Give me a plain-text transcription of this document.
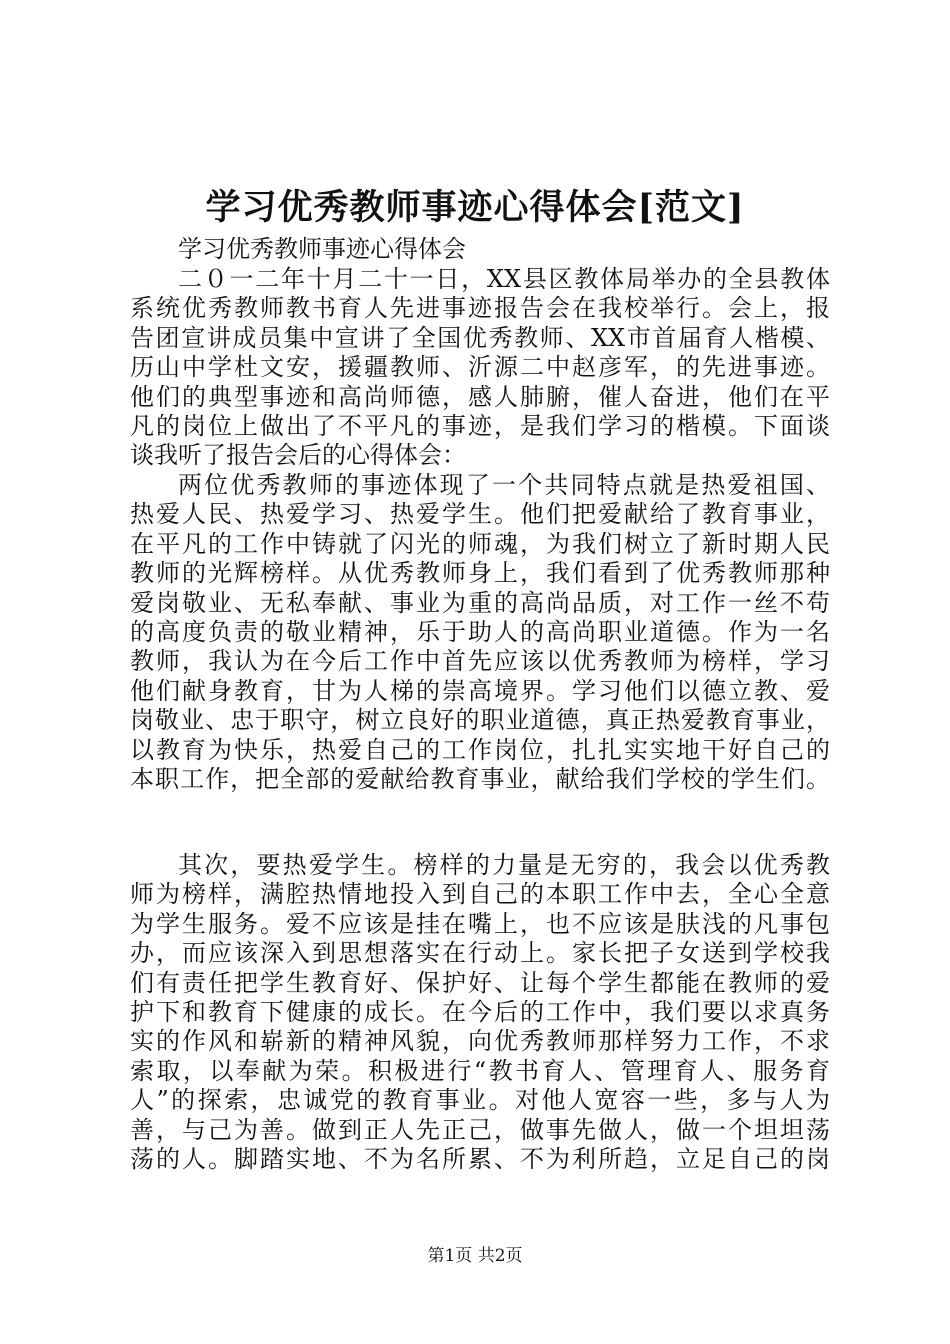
学习优秀教师事迹心得体会[范文]
学习优秀教师事迹心得体会
二０一二年十月二十一日，XX县区教体局举办的全县教体
系统优秀教师教书育人先进事迹报告会在我校举行。会上，报
告团宣讲成员集中宣讲了全国优秀教师、XX市首届育人楷模、
历山中学杜文安，援疆教师、沂源二中赵彦军，的先进事迹。
他们的典型事迹和高尚师德，感人肺腑，催人奋进，他们在平
凡的岗位上做出了不平凡的事迹，是我们学习的楷模。下面谈
谈我听了报告会后的心得体会：
两位优秀教师的事迹体现了一个共同特点就是热爱祖国、
热爱人民、热爱学习、热爱学生。他们把爱献给了教育事业，
在平凡的工作中铸就了闪光的师魂，为我们树立了新时期人民
教师的光辉榜样。从优秀教师身上，我们看到了优秀教师那种
爱岗敬业、无私奉献、事业为重的高尚品质，对工作一丝不苟
的高度负责的敬业精神，乐于助人的高尚职业道德。作为一名
教师，我认为在今后工作中首先应该以优秀教师为榜样，学习
他们献身教育，甘为人梯的崇高境界。学习他们以德立教、爱
岗敬业、忠于职守，树立良好的职业道德，真正热爱教育事业，
以教育为快乐，热爱自己的工作岗位，扎扎实实地干好自己的
本职工作，把全部的爱献给教育事业，献给我们学校的学生们。
其次，要热爱学生。榜样的力量是无穷的，我会以优秀教
师为榜样，满腔热情地投入到自己的本职工作中去，全心全意
为学生服务。爱不应该是挂在嘴上，也不应该是肤浅的凡事包
办，而应该深入到思想落实在行动上。家长把子女送到学校我
们有责任把学生教育好、保护好、让每个学生都能在教师的爱
护下和教育下健康的成长。在今后的工作中，我们要以求真务
实的作风和崭新的精神风貌，向优秀教师那样努力工作，不求
索取，以奉献为荣。积极进行“教书育人、管理育人、服务育
第1页 共2页
人”的探索，忠诚党的教育事业。对他人宽容一些，多与人为
善，与己为善。做到正人先正己，做事先做人，做一个坦坦荡
荡的人。脚踏实地、不为名所累、不为利所趋，立足自己的岗
